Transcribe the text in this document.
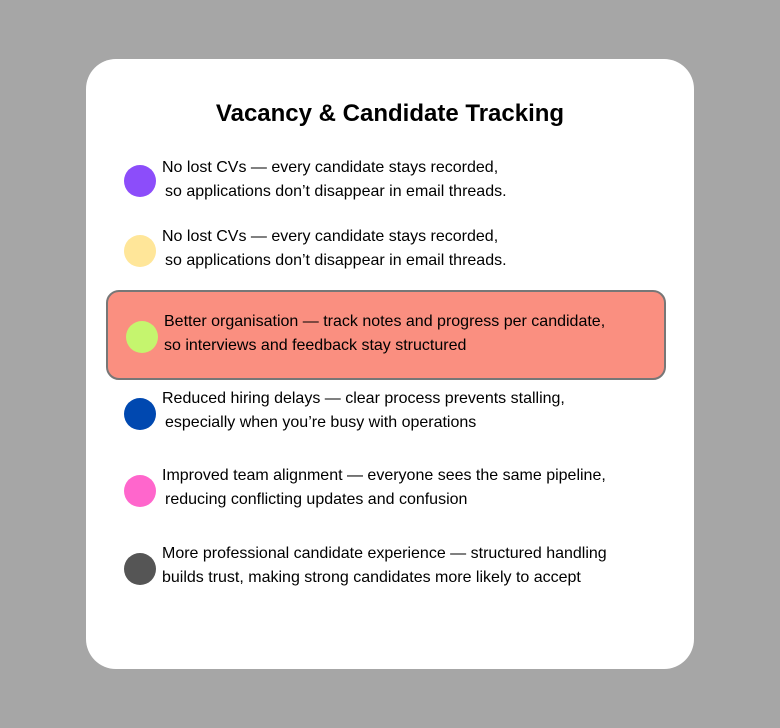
Vacancy & Candidate Tracking
No lost CVs — every candidate stays recorded,
so applications don’t disappear in email threads.
No lost CVs — every candidate stays recorded,
so applications don’t disappear in email threads.
Better organisation — track notes and progress per candidate,
so interviews and feedback stay structured
Reduced hiring delays — clear process prevents stalling,
especially when you’re busy with operations
Improved team alignment — everyone sees the same pipeline,
reducing conflicting updates and confusion
More professional candidate experience — structured handling
builds trust, making strong candidates more likely to accept
